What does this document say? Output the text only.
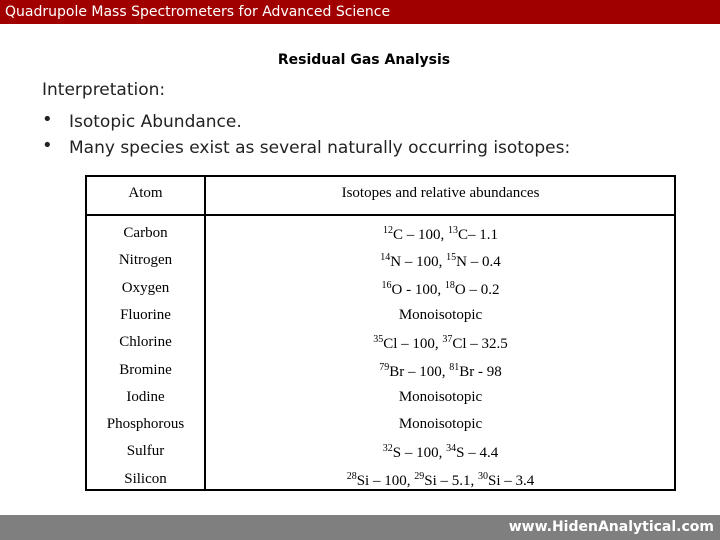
Quadrupole Mass Spectrometers for Advanced Science
Residual Gas Analysis
Interpretation:
• Isotopic Abundance.
• Many species exist as several naturally occurring isotopes:
Atom	Isotopes and relative abundances
Carbon	$^{12}$C – 100, $^{13}$C– 1.1
Nitrogen	$^{14}$N – 100, $^{15}$N – 0.4
Oxygen	$^{16}$O - 100, $^{18}$O – 0.2
Fluorine	Monoisotopic
Chlorine	$^{35}$Cl – 100, $^{37}$Cl – 32.5
Bromine	$^{79}$Br – 100, $^{81}$Br - 98
Iodine	Monoisotopic
Phosphorous	Monoisotopic
Sulfur	$^{32}$S – 100, $^{34}$S – 4.4
Silicon	$^{28}$Si – 100, $^{29}$Si – 5.1, $^{30}$Si – 3.4
www.HidenAnalytical.com
